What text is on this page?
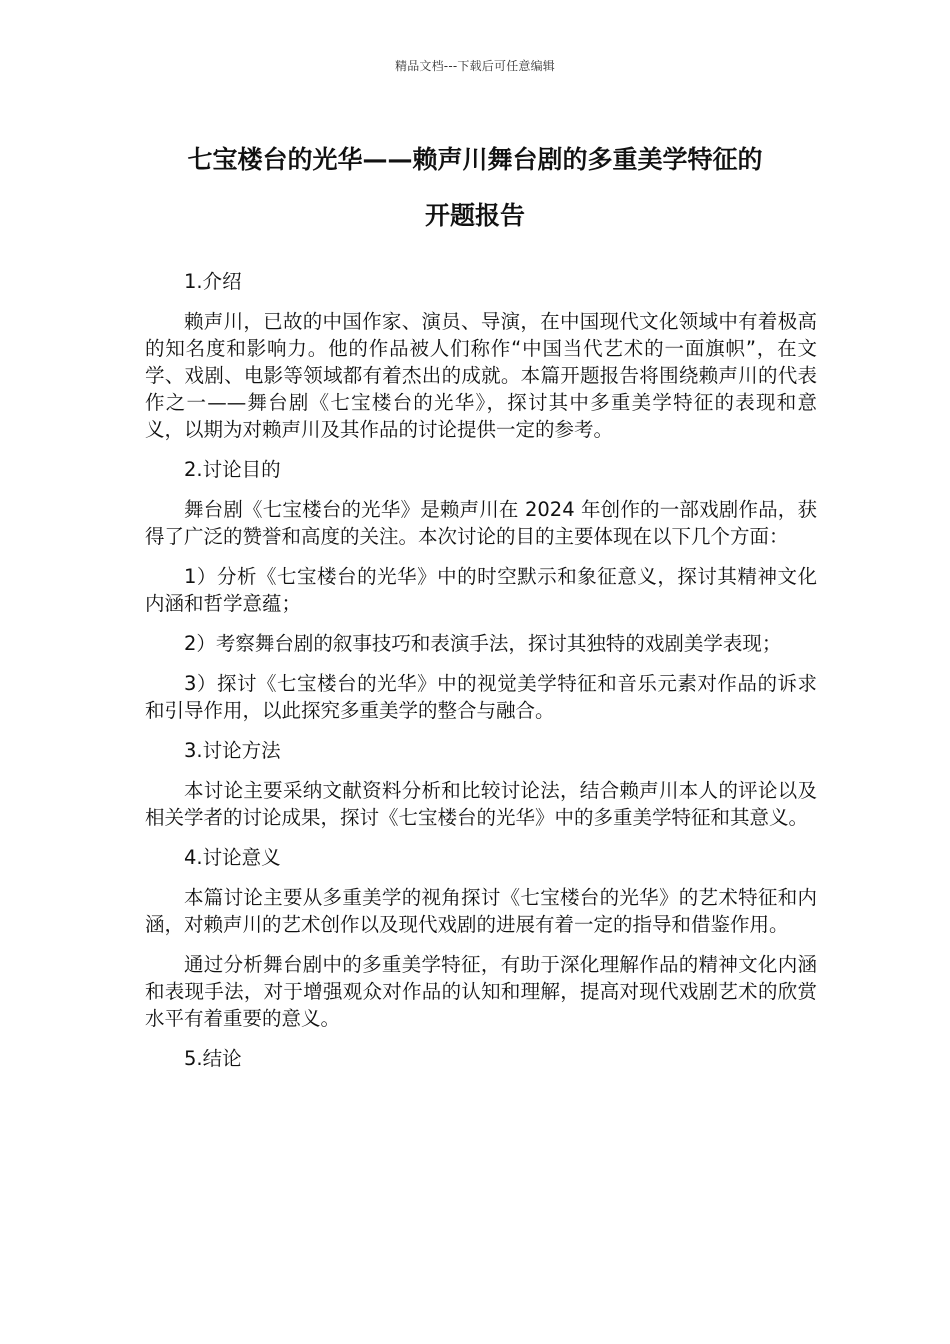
精品文档---下载后可任意编辑
七宝楼台的光华——赖声川舞台剧的多重美学特征的
开题报告

1.介绍

赖声川，已故的中国作家、演员、导演，在中国现代文化领域中有着极高的知名度和影响力。他的作品被人们称作“中国当代艺术的一面旗帜”，在文学、戏剧、电影等领域都有着杰出的成就。本篇开题报告将围绕赖声川的代表作之一——舞台剧《七宝楼台的光华》，探讨其中多重美学特征的表现和意义，以期为对赖声川及其作品的讨论提供一定的参考。

2.讨论目的

舞台剧《七宝楼台的光华》是赖声川在 2024 年创作的一部戏剧作品，获得了广泛的赞誉和高度的关注。本次讨论的目的主要体现在以下几个方面：

1）分析《七宝楼台的光华》中的时空默示和象征意义，探讨其精神文化内涵和哲学意蕴；

2）考察舞台剧的叙事技巧和表演手法，探讨其独特的戏剧美学表现；

3）探讨《七宝楼台的光华》中的视觉美学特征和音乐元素对作品的诉求和引导作用，以此探究多重美学的整合与融合。

3.讨论方法

本讨论主要采纳文献资料分析和比较讨论法，结合赖声川本人的评论以及相关学者的讨论成果，探讨《七宝楼台的光华》中的多重美学特征和其意义。

4.讨论意义

本篇讨论主要从多重美学的视角探讨《七宝楼台的光华》的艺术特征和内涵，对赖声川的艺术创作以及现代戏剧的进展有着一定的指导和借鉴作用。

通过分析舞台剧中的多重美学特征，有助于深化理解作品的精神文化内涵和表现手法，对于增强观众对作品的认知和理解，提高对现代戏剧艺术的欣赏水平有着重要的意义。

5.结论
